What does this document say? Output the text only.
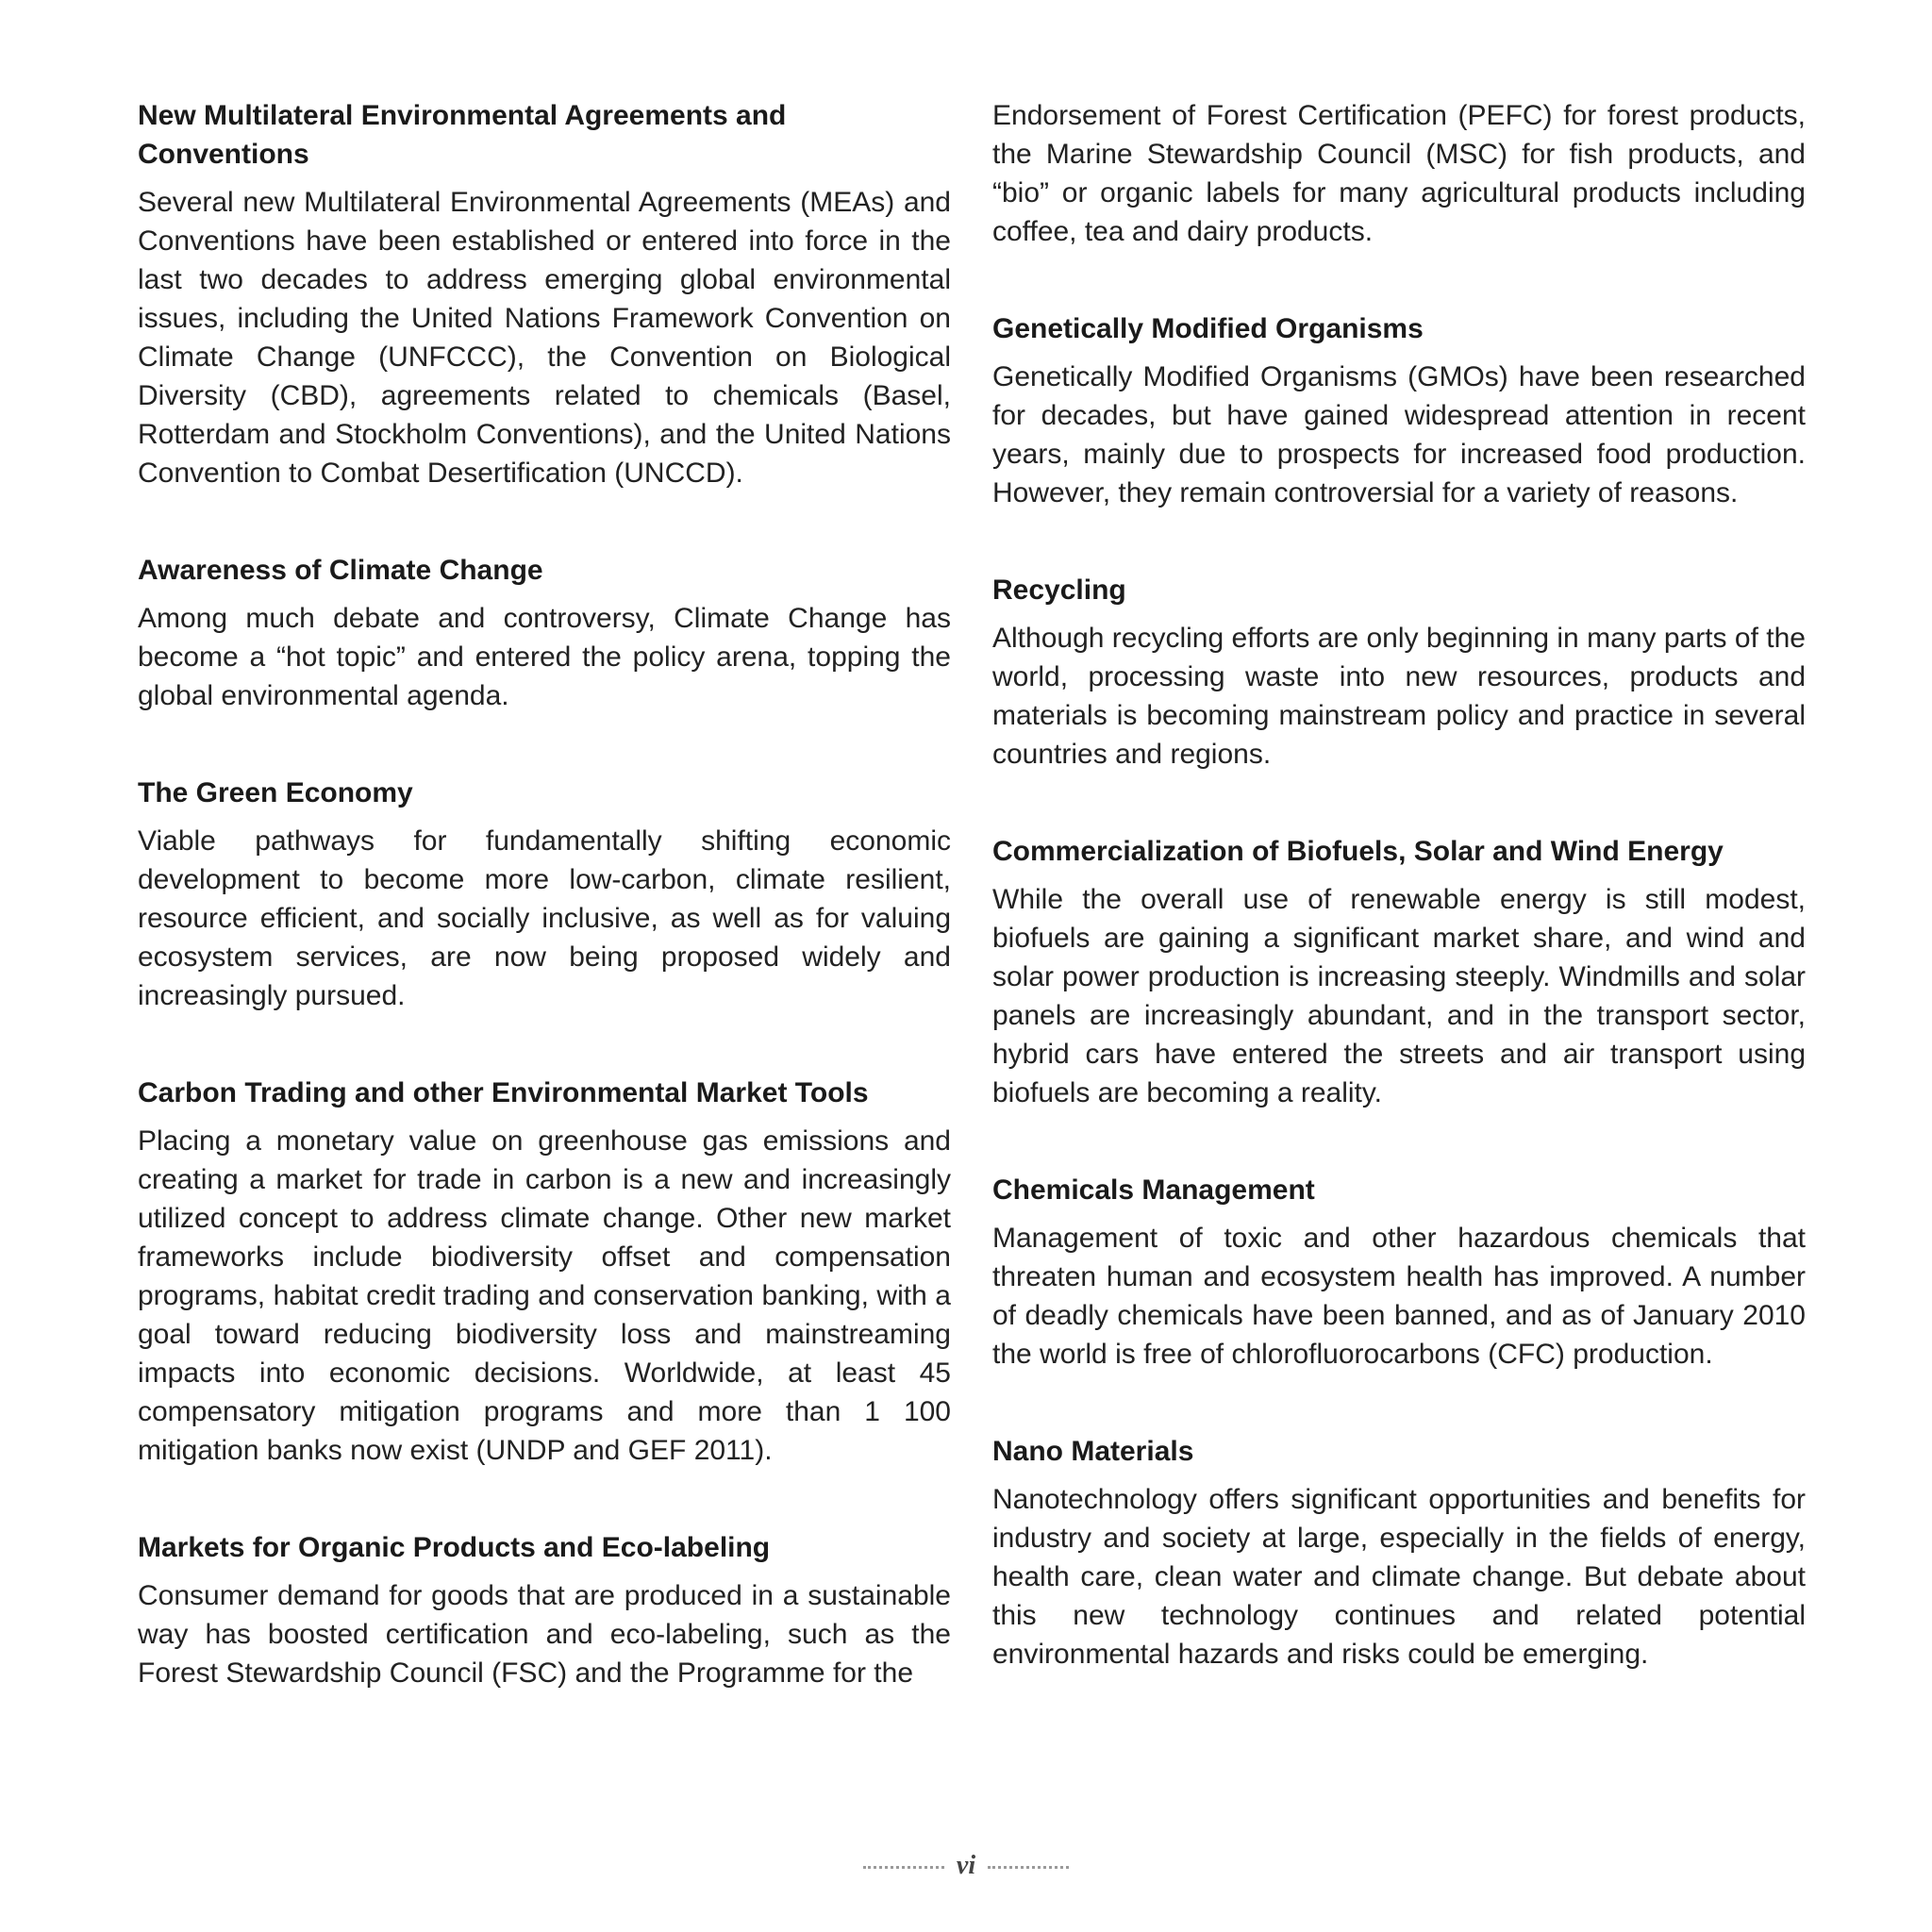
New Multilateral Environmental Agreements and Conventions

Several new Multilateral Environmental Agreements (MEAs) and Conventions have been established or entered into force in the last two decades to address emerging global environmental issues, including the United Nations Framework Convention on Climate Change (UNFCCC), the Convention on Biological Diversity (CBD), agreements related to chemicals (Basel, Rotterdam and Stockholm Conventions), and the United Nations Convention to Combat Desertification (UNCCD).

Awareness of Climate Change

Among much debate and controversy, Climate Change has become a “hot topic” and entered the policy arena, topping the global environmental agenda.

The Green Economy

Viable pathways for fundamentally shifting economic development to become more low-carbon, climate resilient, resource efficient, and socially inclusive, as well as for valuing ecosystem services, are now being proposed widely and increasingly pursued.

Carbon Trading and other Environmental Market Tools

Placing a monetary value on greenhouse gas emissions and creating a market for trade in carbon is a new and increasingly utilized concept to address climate change. Other new market frameworks include biodiversity offset and compensation programs, habitat credit trading and conservation banking, with a goal toward reducing biodiversity loss and mainstreaming impacts into economic decisions. Worldwide, at least 45 compensatory mitigation programs and more than 1 100 mitigation banks now exist (UNDP and GEF 2011).

Markets for Organic Products and Eco-labeling

Consumer demand for goods that are produced in a sustainable way has boosted certification and eco-labeling, such as the Forest Stewardship Council (FSC) and the Programme for the

Endorsement of Forest Certification (PEFC) for forest products, the Marine Stewardship Council (MSC) for fish products, and “bio” or organic labels for many agricultural products including coffee, tea and dairy products.

Genetically Modified Organisms

Genetically Modified Organisms (GMOs) have been researched for decades, but have gained widespread attention in recent years, mainly due to prospects for increased food production. However, they remain controversial for a variety of reasons.

Recycling

Although recycling efforts are only beginning in many parts of the world, processing waste into new resources, products and materials is becoming mainstream policy and practice in several countries and regions.

Commercialization of Biofuels, Solar and Wind Energy

While the overall use of renewable energy is still modest, biofuels are gaining a significant market share, and wind and solar power production is increasing steeply. Windmills and solar panels are increasingly abundant, and in the transport sector, hybrid cars have entered the streets and air transport using biofuels are becoming a reality.

Chemicals Management

Management of toxic and other hazardous chemicals that threaten human and ecosystem health has improved. A number of deadly chemicals have been banned, and as of January 2010 the world is free of chlorofluorocarbons (CFC) production.

Nano Materials

Nanotechnology offers significant opportunities and benefits for industry and society at large, especially in the fields of energy, health care, clean water and climate change. But debate about this new technology continues and related potential environmental hazards and risks could be emerging.

vi
